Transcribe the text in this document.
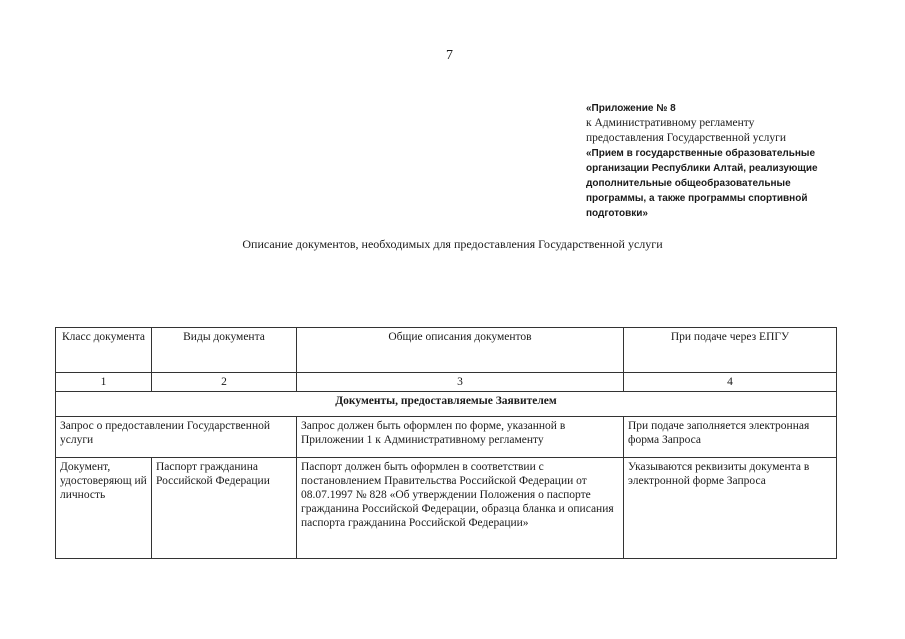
7
«Приложение № 8
к Административному регламенту
предоставления Государственной услуги
«Прием в государственные образовательные организации Республики Алтай, реализующие дополнительные общеобразовательные программы, а также программы спортивной подготовки»
Описание документов, необходимых для предоставления Государственной услуги
Класс документа	Виды документа	Общие описания документов	При подаче через ЕПГУ
1	2	3	4
Документы, предоставляемые Заявителем			
Запрос о предоставлении Государственной услуги		Запрос должен быть оформлен по форме, указанной в Приложении 1 к Административному регламенту	При подаче заполняется электронная форма Запроса
Документ, удостоверяющ ий личность	Паспорт гражданина Российской Федерации	Паспорт должен быть оформлен в соответствии с постановлением Правительства Российской Федерации от 08.07.1997 № 828 «Об утверждении Положения о паспорте гражданина Российской Федерации, образца бланка и описания паспорта гражданина Российской Федерации»	Указываются реквизиты документа в электронной форме Запроса
